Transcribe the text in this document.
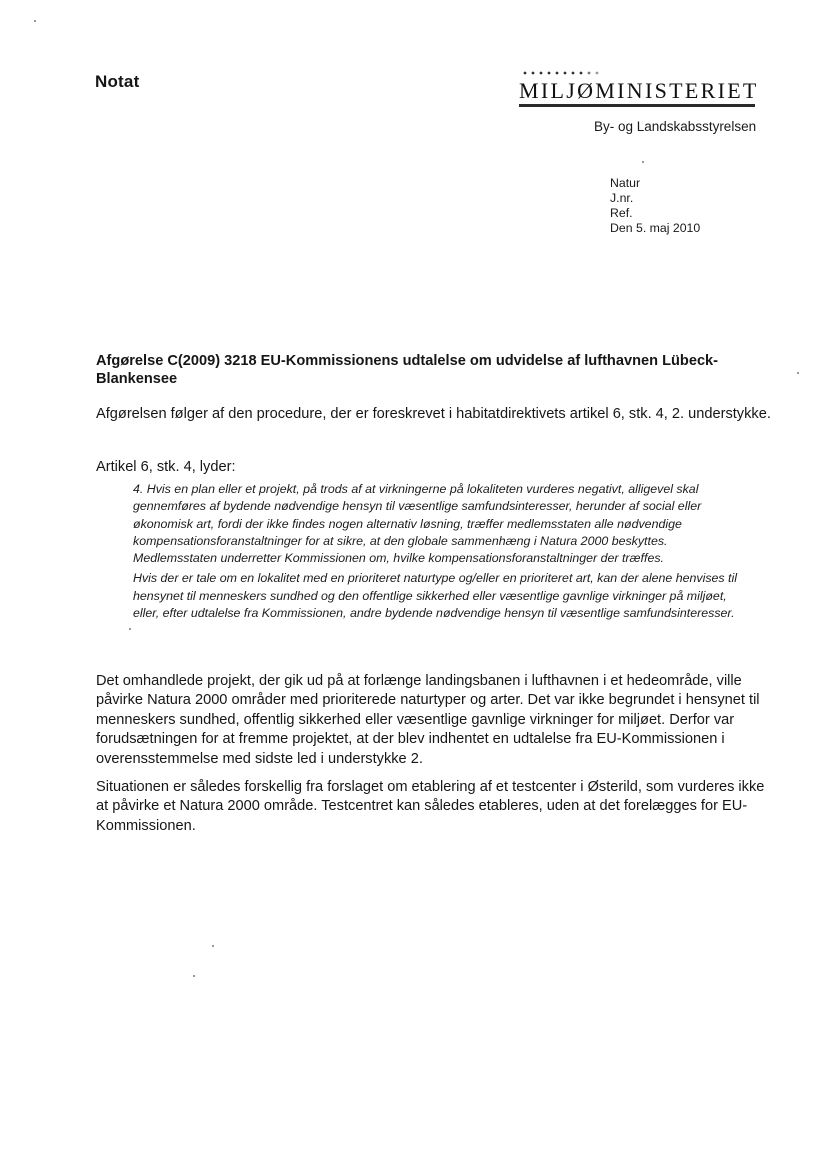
Notat	MILJØMINISTERIET
By- og Landskabsstyrelsen
Natur
J.nr.
Ref.
Den 5. maj 2010
Afgørelse C(2009) 3218 EU-Kommissionens udtalelse om udvidelse af lufthavnen Lübeck-Blankensee
Afgørelsen følger af den procedure, der er foreskrevet i habitatdirektivets artikel 6, stk. 4, 2. understykke.
Artikel 6, stk. 4, lyder:

4. Hvis en plan eller et projekt, på trods af at virkningerne på lokaliteten vurderes negativt, alligevel skal gennemføres af bydende nødvendige hensyn til væsentlige samfundsinteresser, herunder af social eller økonomisk art, fordi der ikke findes nogen alternativ løsning, træffer medlemsstaten alle nødvendige kompensationsforanstaltninger for at sikre, at den globale sammenhæng i Natura 2000 beskyttes. Medlemsstaten underretter Kommissionen om, hvilke kompensationsforanstaltninger der træffes.

Hvis der er tale om en lokalitet med en prioriteret naturtype og/eller en prioriteret art, kan der alene henvises til hensynet til menneskers sundhed og den offentlige sikkerhed eller væsentlige gavnlige virkninger på miljøet, eller, efter udtalelse fra Kommissionen, andre bydende nødvendige hensyn til væsentlige samfundsinteresser.

Det omhandlede projekt, der gik ud på at forlænge landingsbanen i lufthavnen i et hedeområde, ville påvirke Natura 2000 områder med prioriterede naturtyper og arter. Det var ikke begrundet i hensynet til menneskers sundhed, offentlig sikkerhed eller væsentlige gavnlige virkninger for miljøet. Derfor var forudsætningen for at fremme projektet, at der blev indhentet en udtalelse fra EU-Kommissionen i overensstemmelse med sidste led i understykke 2.
Situationen er således forskellig fra forslaget om etablering af et testcenter i Østerild, som vurderes ikke at påvirke et Natura 2000 område. Testcentret kan således etableres, uden at det forelægges for EU-Kommissionen.
